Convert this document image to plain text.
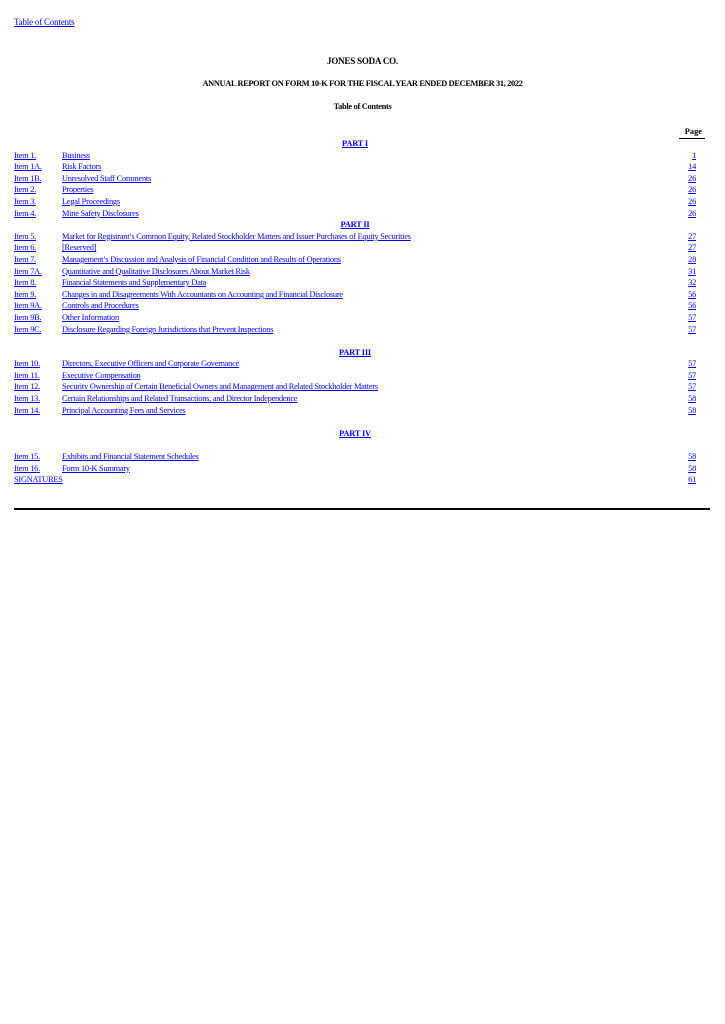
Table of Contents
JONES SODA CO.
ANNUAL REPORT ON FORM 10-K FOR THE FISCAL YEAR ENDED DECEMBER 31, 2022
Table of Contents
Page
PART I
Item 1.	Business	1
Item 1A. Risk Factors	14
Item 1B. Unresolved Staff Comments	26
Item 2.	Properties	26
Item 3.	Legal Proceedings	26
Item 4.	Mine Safety Disclosures	26
PART II
Item 5.	Market for Registrant’s Common Equity, Related Stockholder Matters and Issuer Purchases of Equity Securities	27
Item 6.	[Reserved]	27
Item 7.	Management’s Discussion and Analysis of Financial Condition and Results of Operations	28
Item 7A. Quantitative and Qualitative Disclosures About Market Risk	31
Item 8.	Financial Statements and Supplementary Data	32
Item 9.	Changes in and Disagreements With Accountants on Accounting and Financial Disclosure	56
Item 9A. Controls and Procedures	56
Item 9B. Other Information	57
Item 9C. Disclosure Regarding Foreign Jurisdictions that Prevent Inspections	57
PART III
Item 10.	Directors, Executive Officers and Corporate Governance	57
Item 11.	Executive Compensation	57
Item 12.	Security Ownership of Certain Beneficial Owners and Management and Related Stockholder Matters	57
Item 13.	Certain Relationships and Related Transactions, and Director Independence	58
Item 14.	Principal Accounting Fees and Services	58
PART IV
Item 15.	Exhibits and Financial Statement Schedules	58
Item 16.	Form 10-K Summary	58
SIGNATURES	61
